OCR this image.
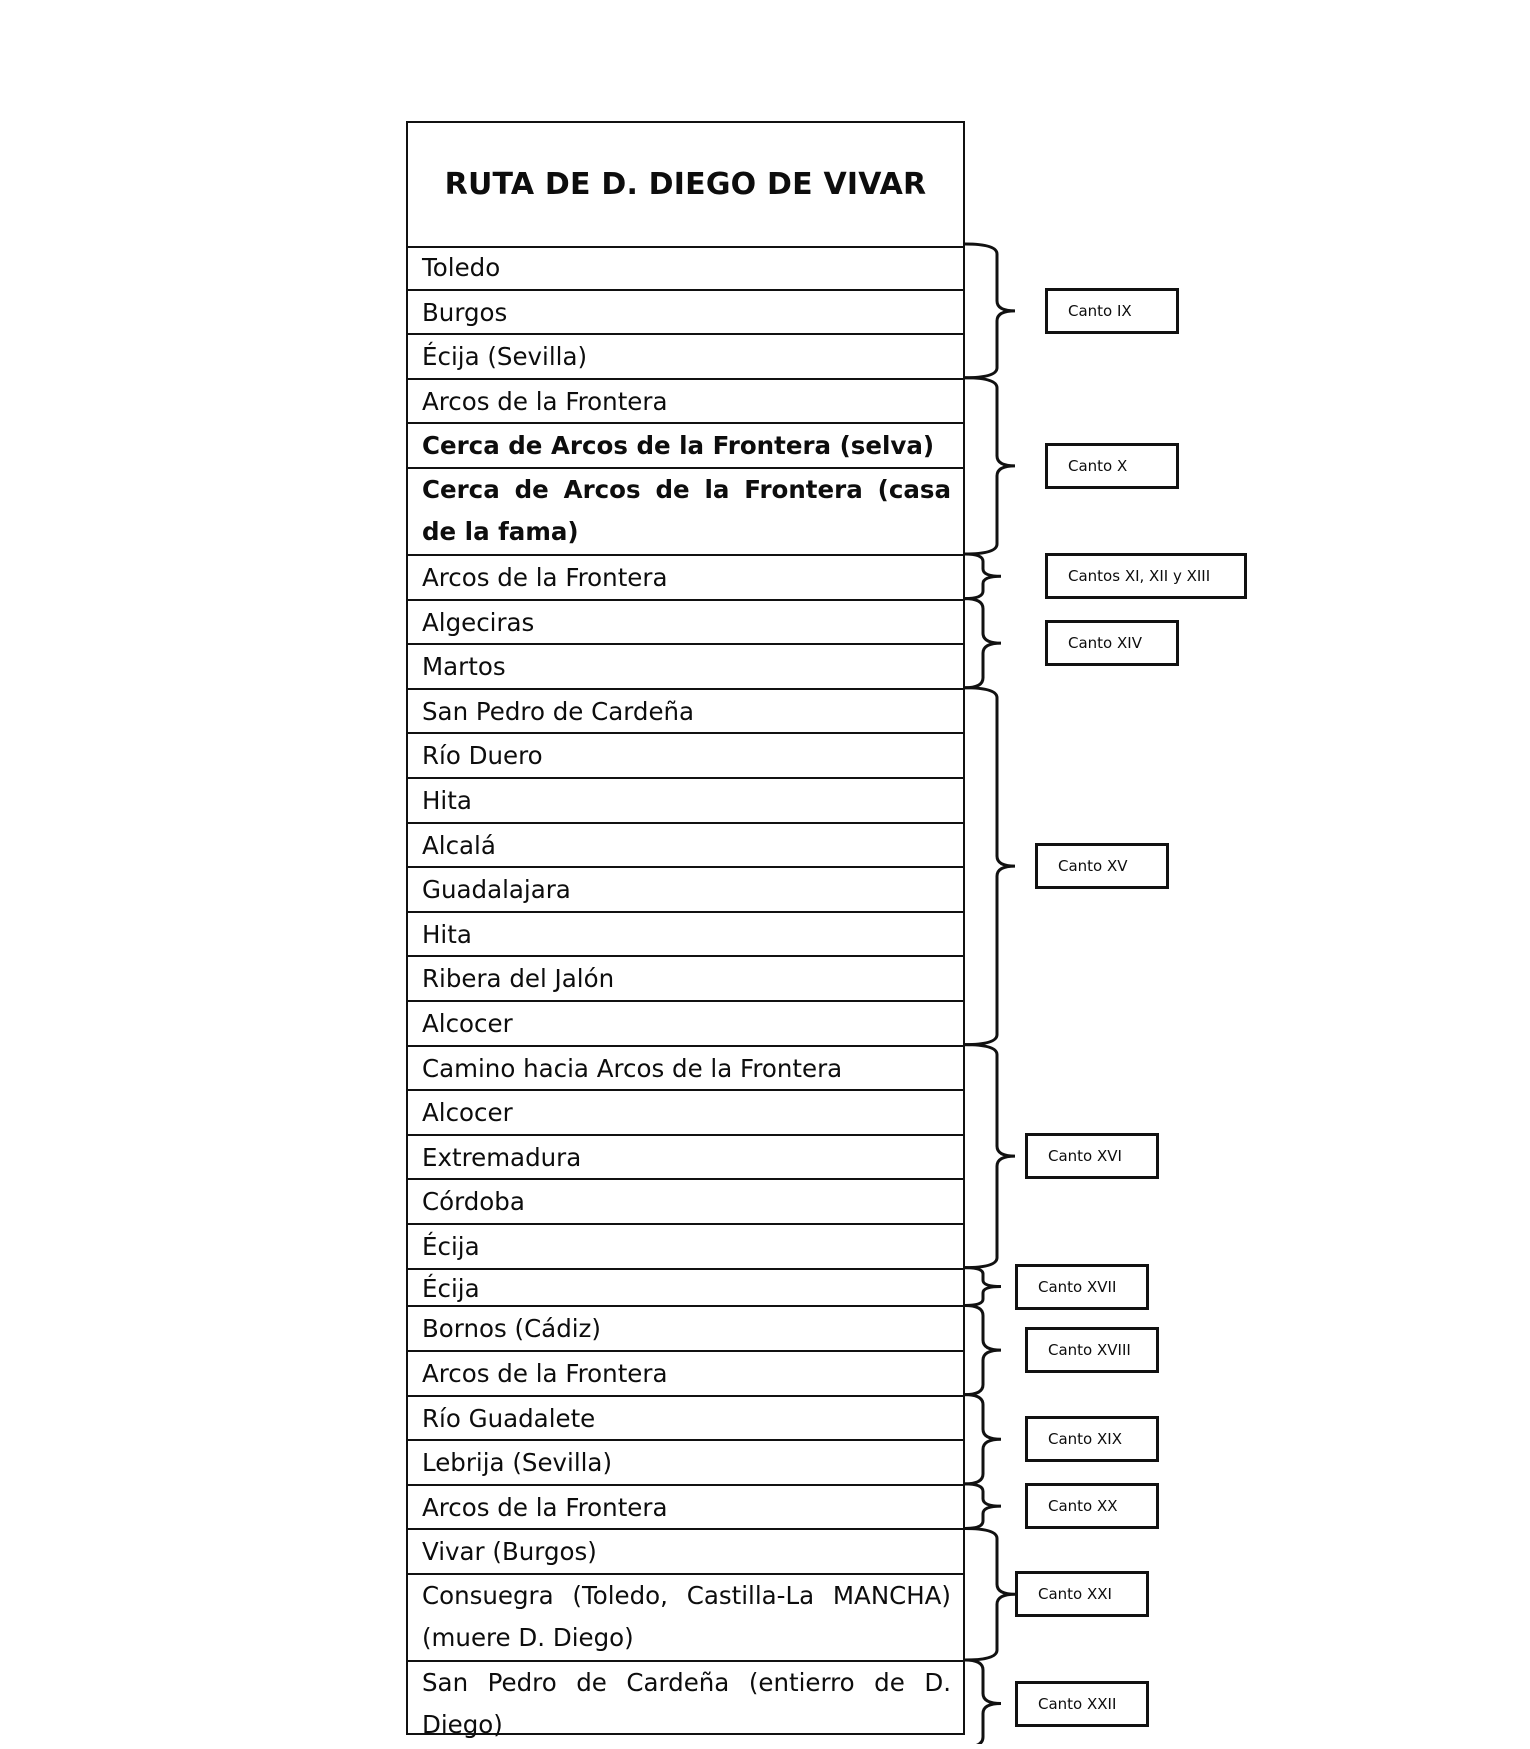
RUTA DE D. DIEGO DE VIVAR
Toledo
Burgos
Écija (Sevilla)
Arcos de la Frontera
Cerca de Arcos de la Frontera (selva)
Cerca de Arcos de la Frontera (casa de la fama)
Arcos de la Frontera
Algeciras
Martos
San Pedro de Cardeña
Río Duero
Hita
Alcalá
Guadalajara
Hita
Ribera del Jalón
Alcocer
Camino hacia Arcos de la Frontera
Alcocer
Extremadura
Córdoba
Écija
Écija
Bornos (Cádiz)
Arcos de la Frontera
Río Guadalete
Lebrija (Sevilla)
Arcos de la Frontera
Vivar (Burgos)
Consuegra (Toledo, Castilla-La MANCHA)(muere D. Diego)
San Pedro de Cardeña (entierro de D. Diego)
Canto IX
Canto X
Cantos XI, XII y XIII
Canto XIV
Canto XV
Canto XVI
Canto XVII
Canto XVIII
Canto XIX
Canto XX
Canto XXI
Canto XXII
